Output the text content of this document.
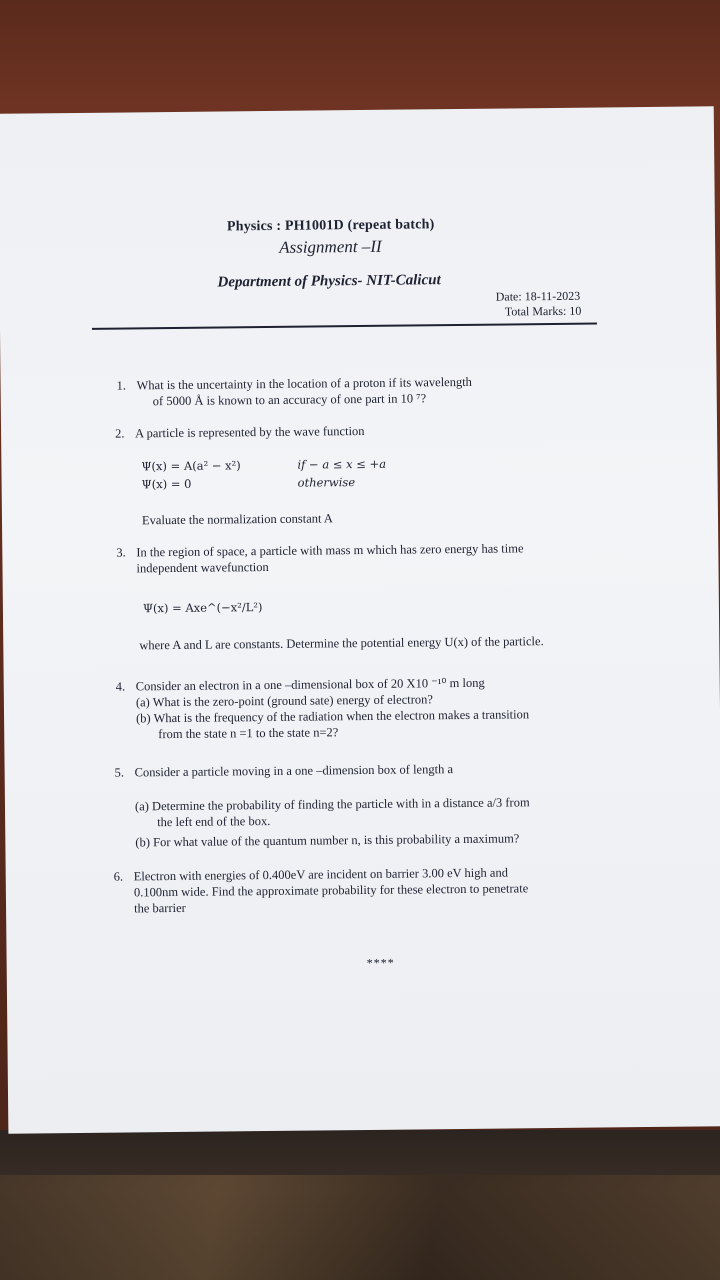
Physics : PH1001D (repeat batch)
Assignment –II
Department of Physics- NIT-Calicut
Date: 18-11-2023
Total Marks: 10
1. What is the uncertainty in the location of a proton if its wavelength
of 5000 Å is known to an accuracy of one part in 10 ⁷?
2. A particle is represented by the wave function
Ψ(x) = A(a² − x²)	if − a ≤ x ≤ +a
Ψ(x) = 0	otherwise
Evaluate the normalization constant A
3. In the region of space, a particle with mass m which has zero energy has time
independent wavefunction
Ψ(x) = Axe^(−x²/L²)
where A and L are constants. Determine the potential energy U(x) of the particle.
4. Consider an electron in a one –dimensional box of 20 X10 ⁻¹⁰ m long
(a) What is the zero-point (ground sate) energy of electron?
(b) What is the frequency of the radiation when the electron makes a transition
from the state n =1 to the state n=2?
5. Consider a particle moving in a one –dimension box of length a
(a) Determine the probability of finding the particle with in a distance a/3 from
the left end of the box.
(b) For what value of the quantum number n, is this probability a maximum?
6. Electron with energies of 0.400eV are incident on barrier 3.00 eV high and
0.100nm wide. Find the approximate probability for these electron to penetrate
the barrier
****
